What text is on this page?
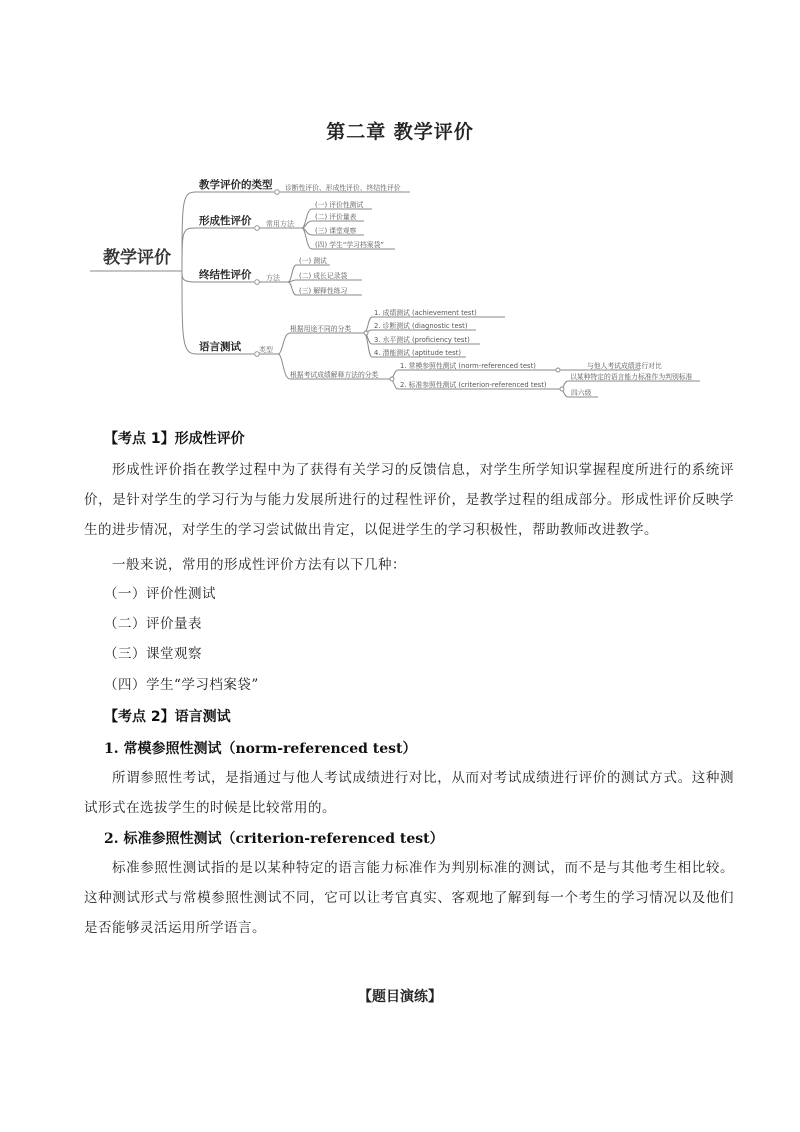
第二章 教学评价
教学评价
教学评价的类型 诊断性评价、形成性评价、终结性评价
形成性评价 常用方法
(一) 评价性测试
(二) 评价量表
(三) 课堂观察
(四) 学生“学习档案袋”
终结性评价 方法
(一) 测试
(二) 成长记录袋
(三) 解释性练习
语言测试	类型
根据用途不同的分类
1. 成绩测试 (achievement test)
2. 诊断测试 (diagnostic test)
3. 水平测试 (proficiency test)
4. 潜能测试 (aptitude test)
根据考试成绩解释方法的分类
1. 常模参照性测试 (norm-referenced test)	与他人考试成绩进行对比
2. 标准参照性测试 (criterion-referenced test)
以某种特定的语言能力标准作为判别标准
四六级
【考点 1】形成性评价
形成性评价指在教学过程中为了获得有关学习的反馈信息，对学生所学知识掌握程度所进行的系统评价，是针对学生的学习行为与能力发展所进行的过程性评价，是教学过程的组成部分。形成性评价反映学生的进步情况，对学生的学习尝试做出肯定，以促进学生的学习积极性，帮助教师改进教学。
一般来说，常用的形成性评价方法有以下几种：
（一）评价性测试
（二）评价量表
（三）课堂观察
（四）学生“学习档案袋”
【考点 2】语言测试
1. 常模参照性测试（norm-referenced test）
所谓参照性考试，是指通过与他人考试成绩进行对比，从而对考试成绩进行评价的测试方式。这种测试形式在选拔学生的时候是比较常用的。
2. 标准参照性测试（criterion-referenced test）
标准参照性测试指的是以某种特定的语言能力标准作为判别标准的测试，而不是与其他考生相比较。这种测试形式与常模参照性测试不同，它可以让考官真实、客观地了解到每一个考生的学习情况以及他们是否能够灵活运用所学语言。
【题目演练】
